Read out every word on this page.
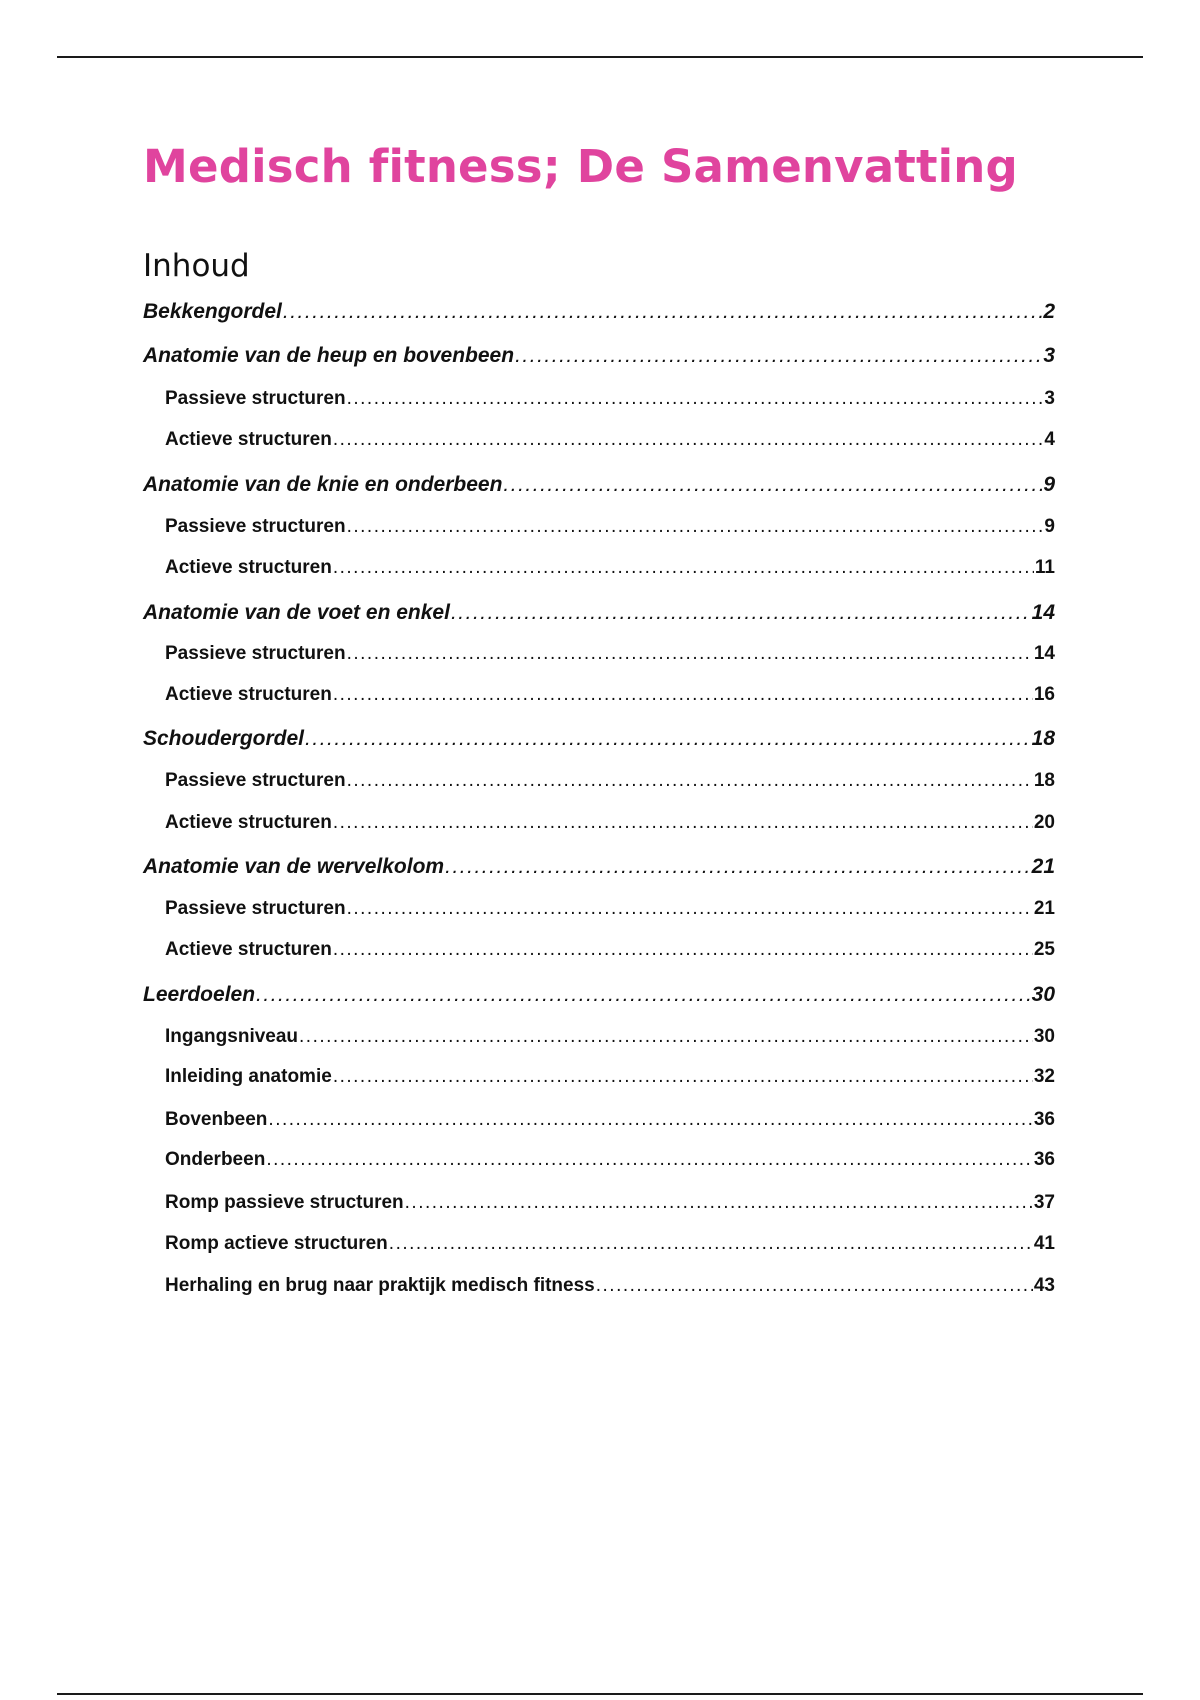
Medisch fitness; De Samenvatting
Inhoud
Bekkengordel .....	2
Anatomie van de heup en bovenbeen .....	3
Passieve structuren .....	3
Actieve structuren .....	4
Anatomie van de knie en onderbeen .....	9
Passieve structuren .....	9
Actieve structuren .....	11
Anatomie van de voet en enkel .....	14
Passieve structuren .....	14
Actieve structuren .....	16
Schoudergordel .....	18
Passieve structuren .....	18
Actieve structuren .....	20
Anatomie van de wervelkolom .....	21
Passieve structuren .....	21
Actieve structuren .....	25
Leerdoelen .....	30
Ingangsniveau .....	30
Inleiding anatomie .....	32
Bovenbeen .....	36
Onderbeen .....	36
Romp passieve structuren .....	37
Romp actieve structuren .....	41
Herhaling en brug naar praktijk medisch fitness .....	43
